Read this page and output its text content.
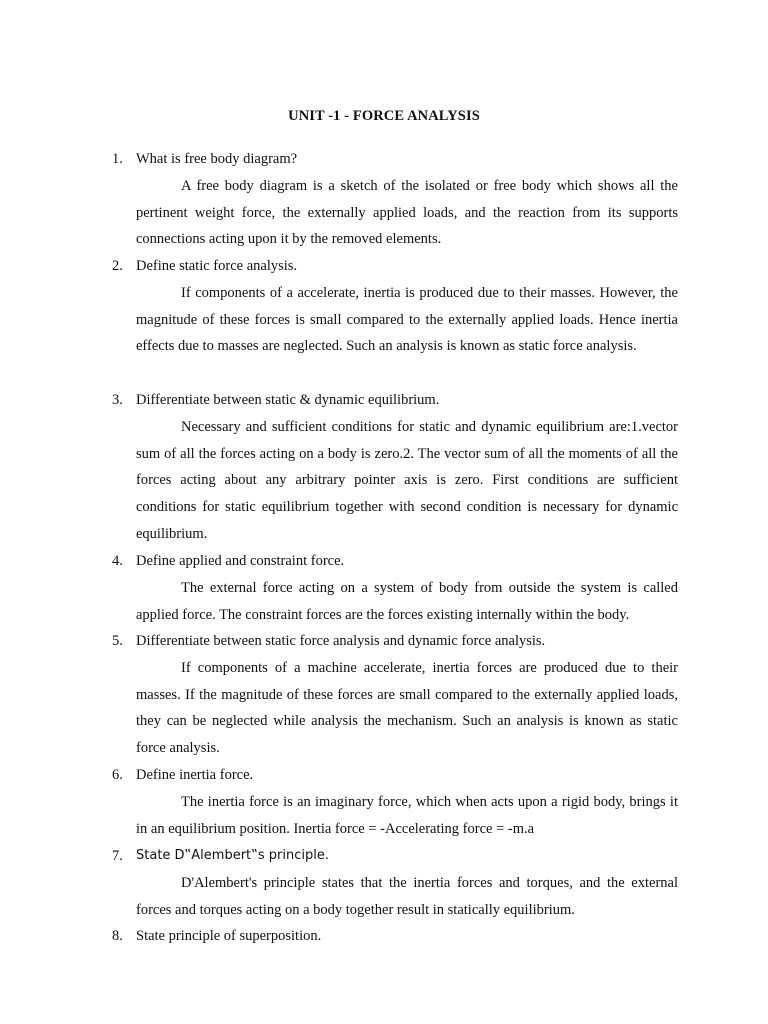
UNIT -1 - FORCE ANALYSIS
1. What is free body diagram?

A free body diagram is a sketch of the isolated or free body which shows all the pertinent weight force, the externally applied loads, and the reaction from its supports connections acting upon it by the removed elements.

2. Define static force analysis.

If components of a accelerate, inertia is produced due to their masses. However, the magnitude of these forces is small compared to the externally applied loads. Hence inertia effects due to masses are neglected. Such an analysis is known as static force analysis.

3. Differentiate between static & dynamic equilibrium.

Necessary and sufficient conditions for static and dynamic equilibrium are:1.vector sum of all the forces acting on a body is zero.2. The vector sum of all the moments of all the forces acting about any arbitrary pointer axis is zero. First conditions are sufficient conditions for static equilibrium together with second condition is necessary for dynamic equilibrium.

4. Define applied and constraint force.

The external force acting on a system of body from outside the system is called applied force. The constraint forces are the forces existing internally within the body.

5. Differentiate between static force analysis and dynamic force analysis.

If components of a machine accelerate, inertia forces are produced due to their masses. If the magnitude of these forces are small compared to the externally applied loads, they can be neglected while analysis the mechanism. Such an analysis is known as static force analysis.

6. Define inertia force.

The inertia force is an imaginary force, which when acts upon a rigid body, brings it in an equilibrium position. Inertia force = -Accelerating force = -m.a

7. State D‟Alembert‟s principle.

D'Alembert's principle states that the inertia forces and torques, and the external forces and torques acting on a body together result in statically equilibrium.

8. State principle of superposition.
